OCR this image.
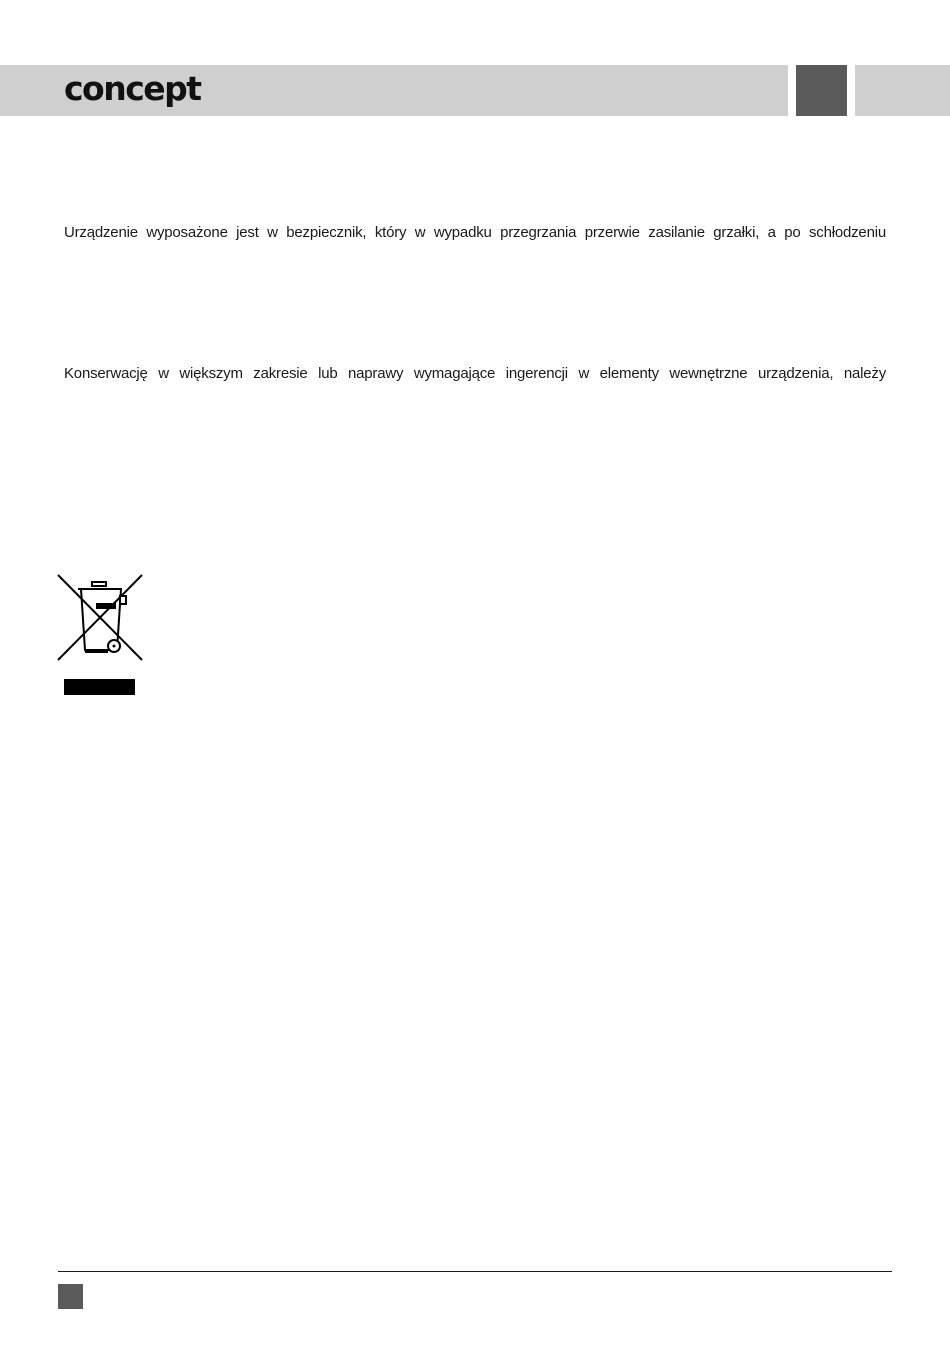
concept
Urządzenie wyposażone jest w bezpiecznik, który w wypadku przegrzania przerwie zasilanie grzałki, a po schłodzeniu
Konserwację w większym zakresie lub naprawy wymagające ingerencji w elementy wewnętrzne urządzenia, należy
